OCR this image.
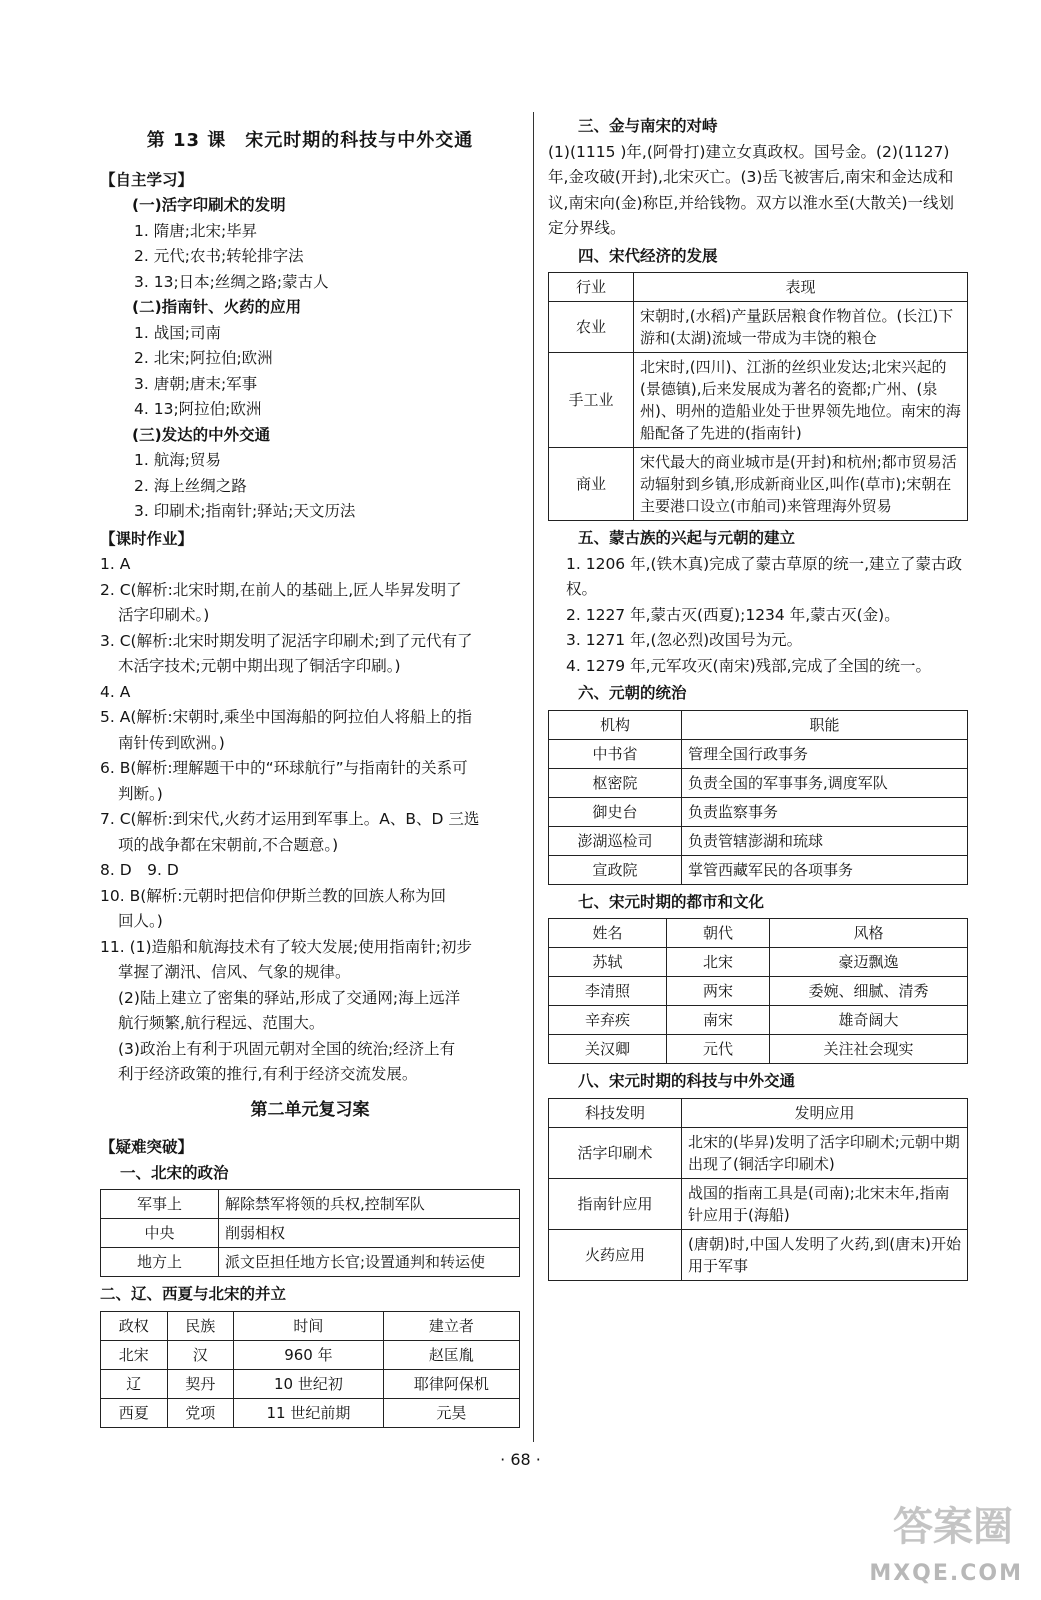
第 13 课　宋元时期的科技与中外交通
【自主学习】
(一)活字印刷术的发明
1. 隋唐;北宋;毕昇
2. 元代;农书;转轮排字法
3. 13;日本;丝绸之路;蒙古人
(二)指南针、火药的应用
1. 战国;司南
2. 北宋;阿拉伯;欧洲
3. 唐朝;唐末;军事
4. 13;阿拉伯;欧洲
(三)发达的中外交通
1. 航海;贸易
2. 海上丝绸之路
3. 印刷术;指南针;驿站;天文历法
【课时作业】
1. A
2. C(解析:北宋时期,在前人的基础上,匠人毕昇发明了
活字印刷术。)
3. C(解析:北宋时期发明了泥活字印刷术;到了元代有了
木活字技术;元朝中期出现了铜活字印刷。)
4. A
5. A(解析:宋朝时,乘坐中国海船的阿拉伯人将船上的指
南针传到欧洲。)
6. B(解析:理解题干中的“环球航行”与指南针的关系可
判断。)
7. C(解析:到宋代,火药才运用到军事上。A、B、D 三选
项的战争都在宋朝前,不合题意。)
8. D　9. D
10. B(解析:元朝时把信仰伊斯兰教的回族人称为回
回人。)
11. (1)造船和航海技术有了较大发展;使用指南针;初步
掌握了潮汛、信风、气象的规律。
(2)陆上建立了密集的驿站,形成了交通网;海上远洋
航行频繁,航行程远、范围大。
(3)政治上有利于巩固元朝对全国的统治;经济上有
利于经济政策的推行,有利于经济交流发展。
第二单元复习案
【疑难突破】
一、北宋的政治
军事上	解除禁军将领的兵权,控制军队
中央	削弱相权
地方上	派文臣担任地方长官;设置通判和转运使
二、辽、西夏与北宋的并立
政权	民族	时间	建立者
北宋	汉	960 年	赵匡胤
辽	契丹	10 世纪初	耶律阿保机
西夏	党项	11 世纪前期	元昊
三、金与南宋的对峙
(1)(1115 )年,(阿骨打)建立女真政权。国号金。(2)(1127)年,金攻破(开封),北宋灭亡。(3)岳飞被害后,南宋和金达成和议,南宋向(金)称臣,并给钱物。双方以淮水至(大散关)一线划定分界线。
四、宋代经济的发展
行业	表现
农业	宋朝时,(水稻)产量跃居粮食作物首位。(长江)下游和(太湖)流域一带成为丰饶的粮仓
手工业	北宋时,(四川)、江浙的丝织业发达;北宋兴起的(景德镇),后来发展成为著名的瓷都;广州、(泉州)、明州的造船业处于世界领先地位。南宋的海船配备了先进的(指南针)
商业	宋代最大的商业城市是(开封)和杭州;都市贸易活动辐射到乡镇,形成新商业区,叫作(草市);宋朝在主要港口设立(市舶司)来管理海外贸易
五、蒙古族的兴起与元朝的建立
1. 1206 年,(铁木真)完成了蒙古草原的统一,建立了蒙古政权。
2. 1227 年,蒙古灭(西夏);1234 年,蒙古灭(金)。
3. 1271 年,(忽必烈)改国号为元。
4. 1279 年,元军攻灭(南宋)残部,完成了全国的统一。
六、元朝的统治
机构	职能
中书省	管理全国行政事务
枢密院	负责全国的军事事务,调度军队
御史台	负责监察事务
澎湖巡检司	负责管辖澎湖和琉球
宣政院	掌管西藏军民的各项事务
七、宋元时期的都市和文化
姓名	朝代	风格
苏轼	北宋	豪迈飘逸
李清照	两宋	委婉、细腻、清秀
辛弃疾	南宋	雄奇阔大
关汉卿	元代	关注社会现实
八、宋元时期的科技与中外交通
科技发明	发明应用
活字印刷术	北宋的(毕昇)发明了活字印刷术;元朝中期出现了(铜活字印刷术)
指南针应用	战国的指南工具是(司南);北宋末年,指南针应用于(海船)
火药应用	(唐朝)时,中国人发明了火药,到(唐末)开始用于军事
· 68 ·
答案圈
MXQE.COM
